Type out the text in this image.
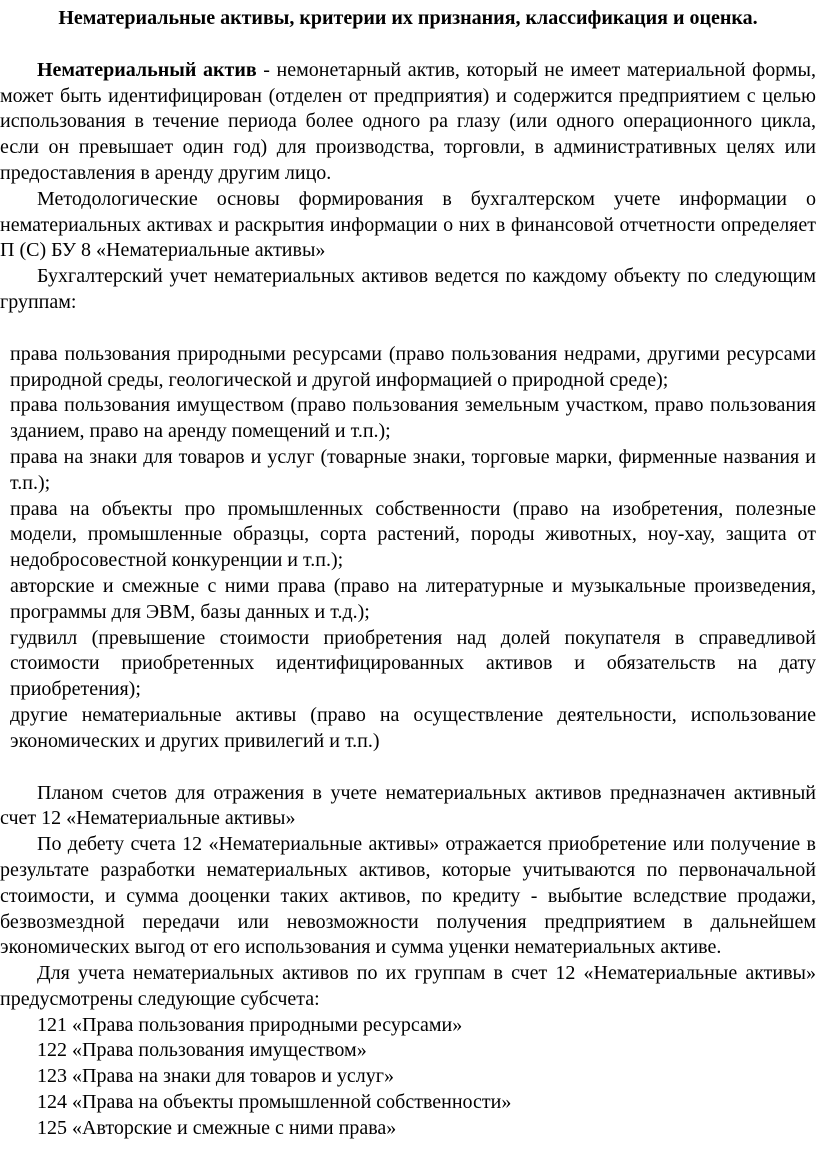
Нематериальные активы, критерии их признания, классификация и оценка.

Нематериальный актив - немонетарный актив, который не имеет материальной формы, может быть идентифицирован (отделен от предприятия) и содержится предприятием с целью использования в течение периода более одного ра глазу (или одного операционного цикла, если он превышает один год) для производства, торговли, в административных целях или предоставления в аренду другим лицо.

Методологические основы формирования в бухгалтерском учете информации о нематериальных активах и раскрытия информации о них в финансовой отчетности определяет П (С) БУ 8 «Нематериальные активы»

Бухгалтерский учет нематериальных активов ведется по каждому объекту по следующим группам:

права пользования природными ресурсами (право пользования недрами, другими ресурсами природной среды, геологической и другой информацией о природной среде);
права пользования имуществом (право пользования земельным участком, право пользования зданием, право на аренду помещений и т.п.);
права на знаки для товаров и услуг (товарные знаки, торговые марки, фирменные названия и т.п.);
права на объекты про промышленных собственности (право на изобретения, полезные модели, промышленные образцы, сорта растений, породы животных, ноу-хау, защита от недобросовестной конкуренции и т.п.);
авторские и смежные с ними права (право на литературные и музыкальные произведения, программы для ЭВМ, базы данных и т.д.);
гудвилл (превышение стоимости приобретения над долей покупателя в справедливой стоимости приобретенных идентифицированных активов и обязательств на дату приобретения);
другие нематериальные активы (право на осуществление деятельности, использование экономических и других привилегий и т.п.)

Планом счетов для отражения в учете нематериальных активов предназначен активный счет 12 «Нематериальные активы»

По дебету счета 12 «Нематериальные активы» отражается приобретение или получение в результате разработки нематериальных активов, которые учитываются по первоначальной стоимости, и сумма дооценки таких активов, по кредиту - выбытие вследствие продажи, безвозмездной передачи или невозможности получения предприятием в дальнейшем экономических выгод от его использования и сумма уценки нематериальных активе.

Для учета нематериальных активов по их группам в счет 12 «Нематериальные активы» предусмотрены следующие субсчета:

121 «Права пользования природными ресурсами»
122 «Права пользования имуществом»
123 «Права на знаки для товаров и услуг»
124 «Права на объекты промышленной собственности»
125 «Авторские и смежные с ними права»
